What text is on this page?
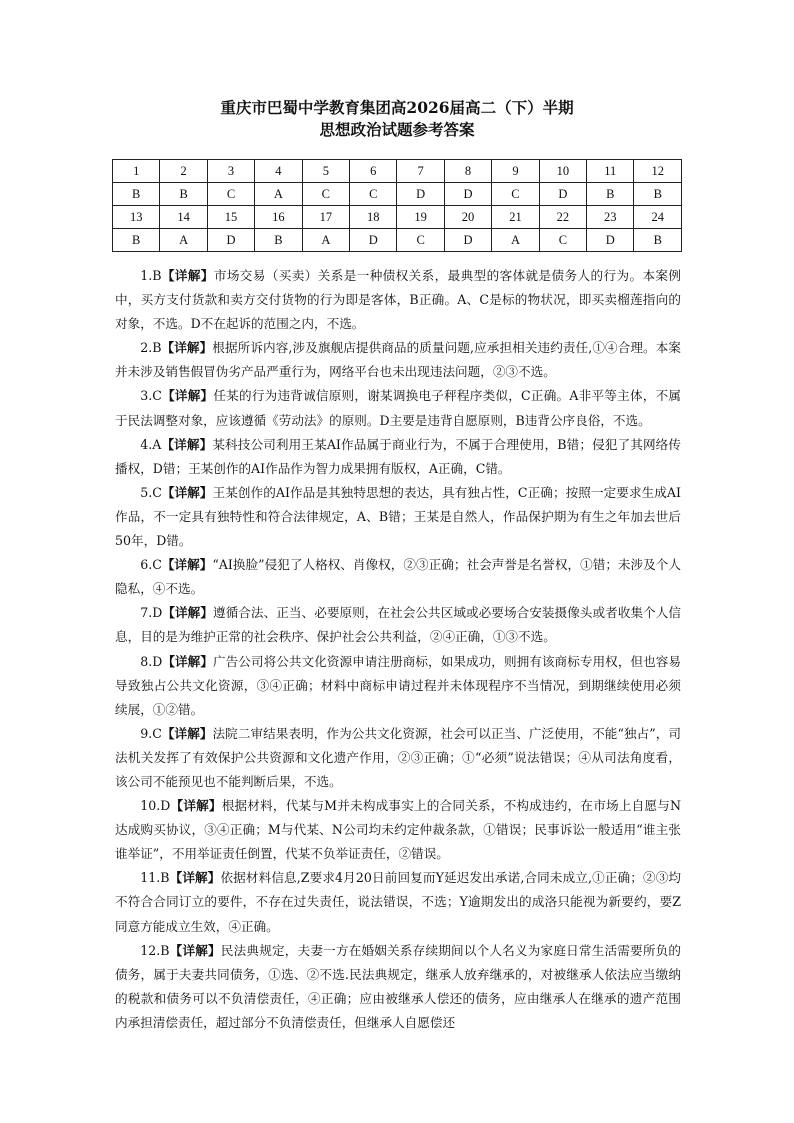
重庆市巴蜀中学教育集团高2026届高二（下）半期
思想政治试题参考答案
1	2	3	4	5	6	7	8	9	10	11	12
B	B	C	A	C	C	D	D	C	D	B	B
13	14	15	16	17	18	19	20	21	22	23	24
B	A	D	B	A	D	C	D	A	C	D	B

1.B【详解】市场交易（买卖）关系是一种债权关系，最典型的客体就是债务人的行为。本案例中，买方支付货款和卖方交付货物的行为即是客体，B正确。A、C是标的物状况，即买卖榴莲指向的对象，不选。D不在起诉的范围之内，不选。

2.B【详解】根据所诉内容,涉及旗舰店提供商品的质量问题,应承担相关违约责任,①④合理。本案并未涉及销售假冒伪劣产品严重行为，网络平台也未出现违法问题，②③不选。

3.C【详解】任某的行为违背诚信原则，谢某调换电子秤程序类似，C正确。A非平等主体，不属于民法调整对象，应该遵循《劳动法》的原则。D主要是违背自愿原则，B违背公序良俗，不选。

4.A【详解】某科技公司利用王某AI作品属于商业行为，不属于合理使用，B错；侵犯了其网络传播权，D错；王某创作的AI作品作为智力成果拥有版权，A正确，C错。

5.C【详解】王某创作的AI作品是其独特思想的表达，具有独占性，C正确；按照一定要求生成AI作品，不一定具有独特性和符合法律规定，A、B错；王某是自然人，作品保护期为有生之年加去世后50年，D错。

6.C【详解】“AI换脸”侵犯了人格权、肖像权，②③正确；社会声誉是名誉权，①错；未涉及个人隐私，④不选。

7.D【详解】遵循合法、正当、必要原则，在社会公共区域或必要场合安装摄像头或者收集个人信息，目的是为维护正常的社会秩序、保护社会公共利益，②④正确，①③不选。

8.D【详解】广告公司将公共文化资源申请注册商标，如果成功，则拥有该商标专用权，但也容易导致独占公共文化资源，③④正确；材料中商标申请过程并未体现程序不当情况，到期继续使用必须续展，①②错。

9.C【详解】法院二审结果表明，作为公共文化资源，社会可以正当、广泛使用，不能“独占”，司法机关发挥了有效保护公共资源和文化遗产作用，②③正确；①“必须”说法错误；④从司法角度看，该公司不能预见也不能判断后果，不选。

10.D【详解】根据材料，代某与M并未构成事实上的合同关系，不构成违约，在市场上自愿与N达成购买协议，③④正确；M与代某、N公司均未约定仲裁条款，①错误；民事诉讼一般适用“谁主张谁举证”，不用举证责任倒置，代某不负举证责任，②错误。

11.B【详解】依据材料信息,Z要求4月20日前回复而Y延迟发出承诺,合同未成立,①正确；②③均不符合合同订立的要件，不存在过失责任，说法错误，不选；Y逾期发出的成洛只能视为新要约，要Z同意方能成立生效，④正确。

12.B【详解】民法典规定，夫妻一方在婚姻关系存续期间以个人名义为家庭日常生活需要所负的债务，属于夫妻共同债务，①选、②不选.民法典规定，继承人放弃继承的，对被继承人依法应当缴纳的税款和债务可以不负清偿责任，④正确；应由被继承人偿还的债务，应由继承人在继承的遗产范围内承担清偿责任，超过部分不负清偿责任，但继承人自愿偿还
